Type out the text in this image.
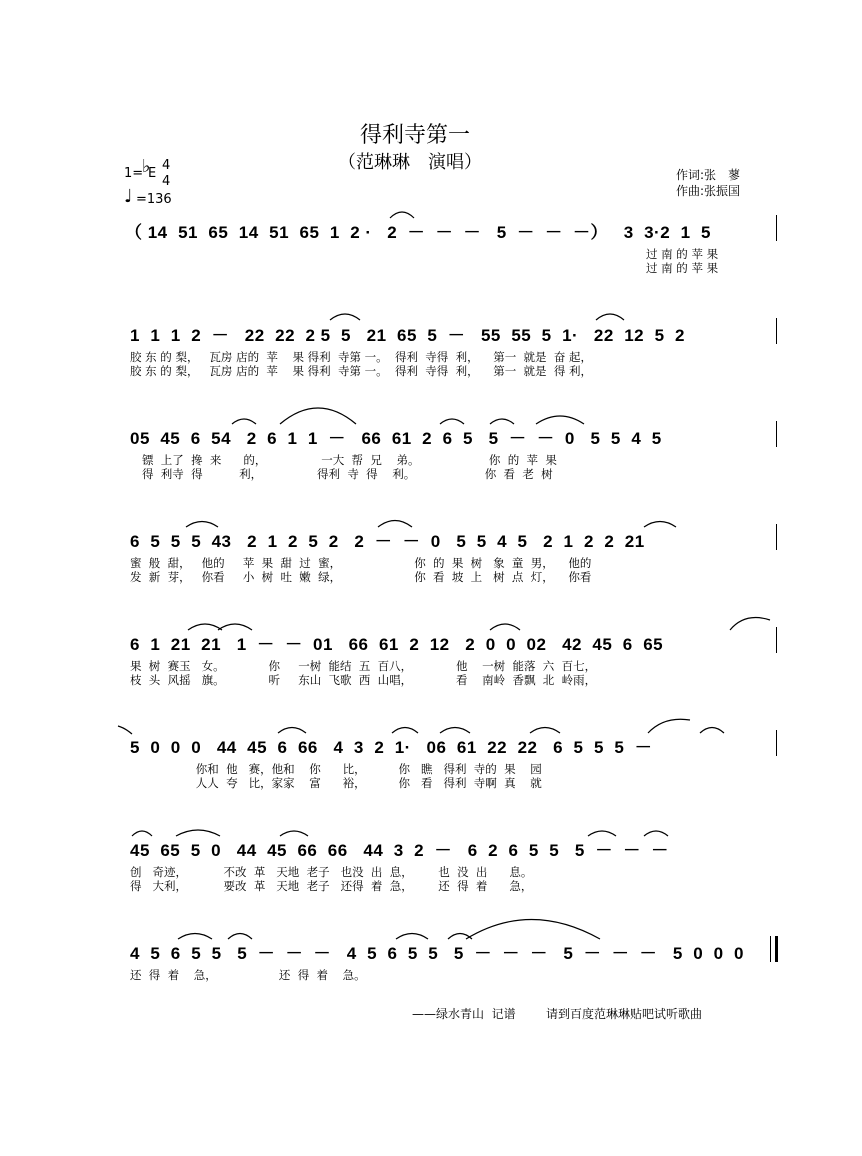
得利寺第一
（范琳琳　演唱）
1=
♭
E
4
4
♩ =136
作词:张　蓼
作曲:张振国
（ 14  51  65  14  51  65  1  2 ·   2  －  －  －   5  －  －  －）   3  3·2  1  5
过 南 的 苹 果
过 南 的 苹 果
1  1  1  2  －   22  22  2 5  5   21  65  5  －   55  55  5  1·   22  12  5  2
胶 东 的 梨，   瓦房 店的  苹    果 得利  寺第 一。  得利  寺得  利，    第一  就是  奋 起，
胶 东 的 梨，   瓦房 店的  苹    果 得利  寺第 一。  得利  寺得  利，    第一  就是  得 利，
05  45  6  54   2  6  1  1  －   66  61  2  6  5   5  －  －  0   5  5  4  5
镖  上了  搀  来      的，               一大  帮  兄    弟。                   你  的  苹  果
得  利寺  得          利，               得利  寺  得    利。                   你  看  老  树
6  5  5  5  43   2  1  2  5  2   2  －  －  0   5  5  4  5   2  1  2  2  21
蜜  般  甜，   他的     苹  果  甜  过  蜜，                    你  的  果  树   象  童  男，    他的
发  新  芽，   你看     小  树  吐  嫩  绿，                    你  看  坡  上   树  点  灯，    你看
6  1  21  21   1  －  －  01   66  61  2  12   2  0  0  02   42  45  6  65
果  树  赛玉   女。            你     一树  能结  五  百八，            他    一树  能落  六  百七，
枝  头  风摇   旗。            听     东山  飞歌  西  山唱，            看    南岭  香飘  北  岭雨，
5  0  0  0   44  45  6  66   4  3  2  1·   06  61  22  22   6  5  5  5  －
你和  他   赛，他和    你      比，         你   瞧   得利  寺的  果    园
人人  夸   比，家家    富      裕，         你   看   得利  寺啊  真    就
45  65  5  0   44  45  66  66   44  3  2  －   6  2  6  5  5   5  －  －  －
创   奇迹，          不改  革   天地  老子   也没  出  息，       也  没  出      息。
得   大利，          要改  革   天地  老子   还得  着  急，       还  得  着      急，
4  5  6  5  5   5  －  －  －   4  5  6  5  5   5  －  －  －   5  －  －  －   5  0  0  0
还  得  着    急，                 还  得  着    急。
——绿水青山  记谱	请到百度范琳琳贴吧试听歌曲
